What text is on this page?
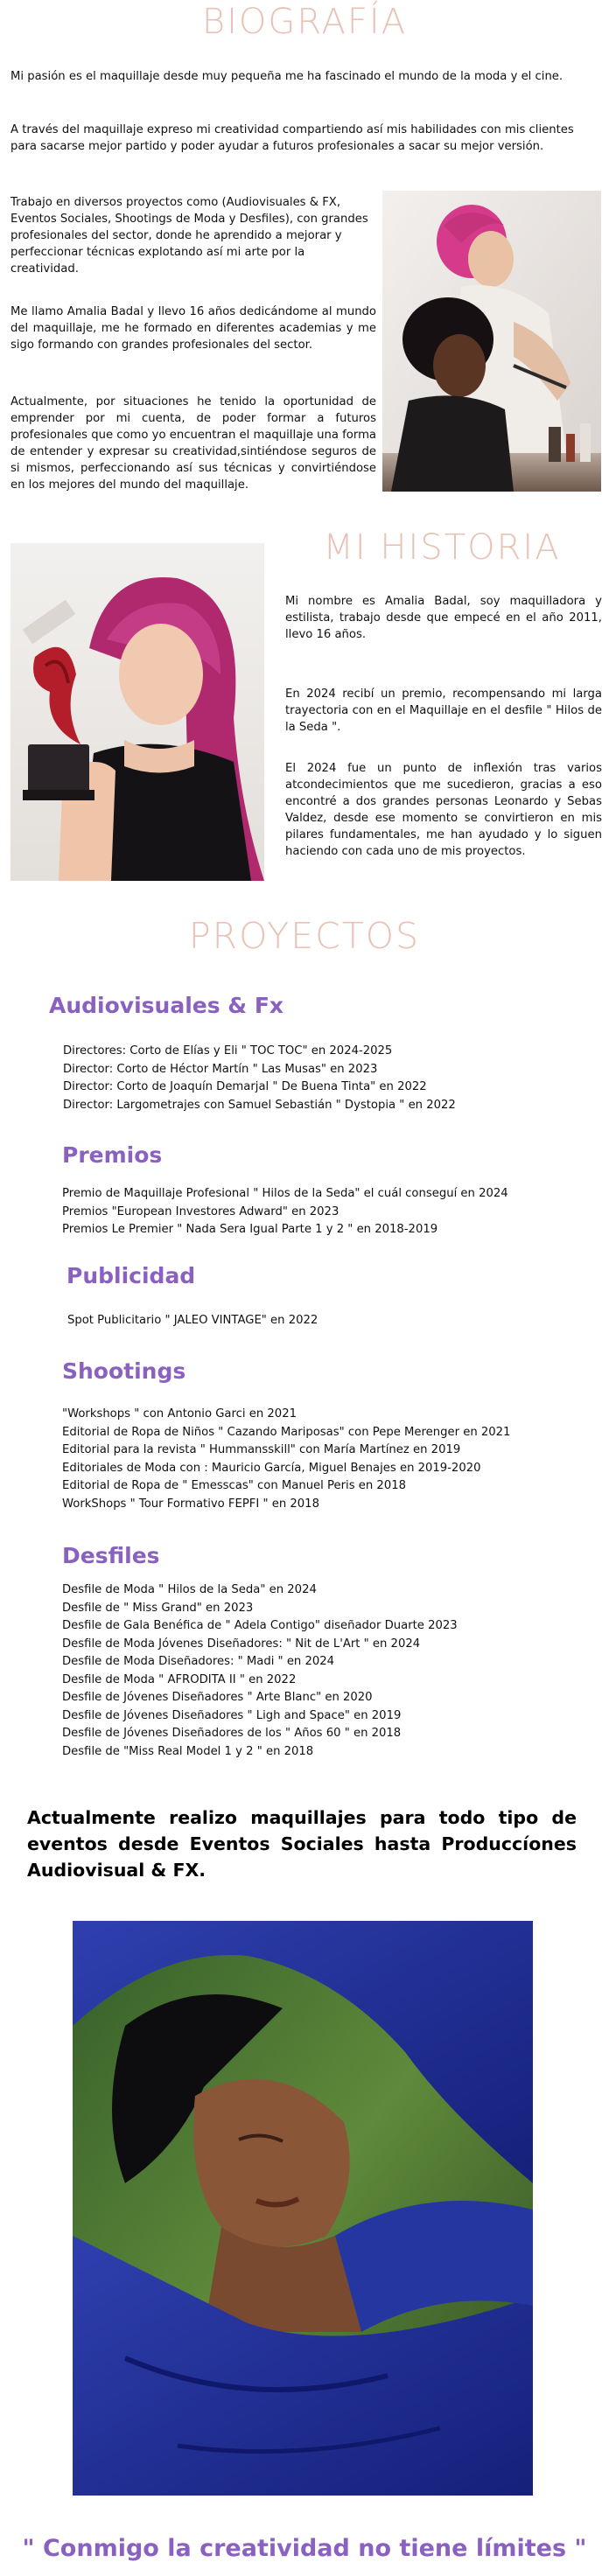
BIOGRAFÍA

Mi pasión es el maquillaje desde muy pequeña me ha fascinado el mundo de la moda y el cine.

A través del maquillaje expreso mi creatividad compartiendo así mis habilidades con mis clientes para sacarse mejor partido y poder ayudar a futuros profesionales a sacar su mejor versión.

Trabajo en diversos proyectos como (Audiovisuales & FX, Eventos Sociales, Shootings de Moda y Desfiles), con grandes profesionales del sector, donde he aprendido a mejorar y perfeccionar técnicas explotando así mi arte por la creatividad.

Me llamo Amalia Badal y llevo 16 años dedicándome al mundo del maquillaje, me he formado en diferentes academias y me sigo formando con grandes profesionales del sector.

Actualmente, por situaciones he tenido la oportunidad de emprender por mi cuenta, de poder formar a futuros profesionales que como yo encuentran el maquillaje una forma de entender y expresar su creatividad,sintiéndose seguros de si mismos, perfeccionando así sus técnicas y convirtiéndose en los mejores del mundo del maquillaje.

MI HISTORIA

Mi nombre es Amalia Badal, soy maquilladora y estilista, trabajo desde que empecé en el año 2011, llevo 16 años.

En 2024 recibí un premio, recompensando mi larga trayectoria con en el Maquillaje en el desfile " Hilos de la Seda ".

El 2024 fue un punto de inflexión tras varios atcondecimientos que me sucedieron, gracias a eso encontré a dos grandes personas Leonardo y Sebas Valdez, desde ese momento se convirtieron en mis pilares fundamentales, me han ayudado y lo siguen haciendo con cada uno de mis proyectos.

PROYECTOS
Audiovisuales & Fx
Directores: Corto de Elías y Eli " TOC TOC" en 2024-2025
Director: Corto de Héctor Martín " Las Musas" en 2023
Director: Corto de Joaquín Demarjal " De Buena Tinta" en 2022
Director: Largometrajes con Samuel Sebastián " Dystopia " en 2022
Premios
Premio de Maquillaje Profesional " Hilos de la Seda" el cuál conseguí en 2024
Premios "European Investores Adward" en 2023
Premios Le Premier " Nada Sera Igual Parte 1 y 2 " en 2018-2019
Publicidad
Spot Publicitario " JALEO VINTAGE" en 2022
Shootings
"Workshops " con Antonio Garci en 2021
Editorial de Ropa de Niños " Cazando Mariposas" con Pepe Merenger en 2021
Editorial para la revista " Hummansskill" con María Martínez en 2019
Editoriales de Moda con : Mauricio García, Miguel Benajes en 2019-2020
Editorial de Ropa de " Emesscas" con Manuel Peris en 2018
WorkShops " Tour Formativo FEPFI " en 2018
Desfiles
Desfile de Moda " Hilos de la Seda" en 2024
Desfile de " Miss Grand" en 2023
Desfile de Gala Benéfica de " Adela Contigo" diseñador Duarte 2023
Desfile de Moda Jóvenes Diseñadores: " Nit de L'Art " en 2024
Desfile de Moda Diseñadores: " Madi " en 2024
Desfile de Moda " AFRODITA II " en 2022
Desfile de Jóvenes Diseñadores " Arte Blanc" en 2020
Desfile de Jóvenes Diseñadores " Ligh and Space" en 2019
Desfile de Jóvenes Diseñadores de los " Años 60 " en 2018
Desfile de "Miss Real Model 1 y 2 " en 2018

Actualmente realizo maquillajes para todo tipo de eventos desde Eventos Sociales hasta Produccíones Audiovisual & FX.

" Conmigo la creatividad no tiene límites "
